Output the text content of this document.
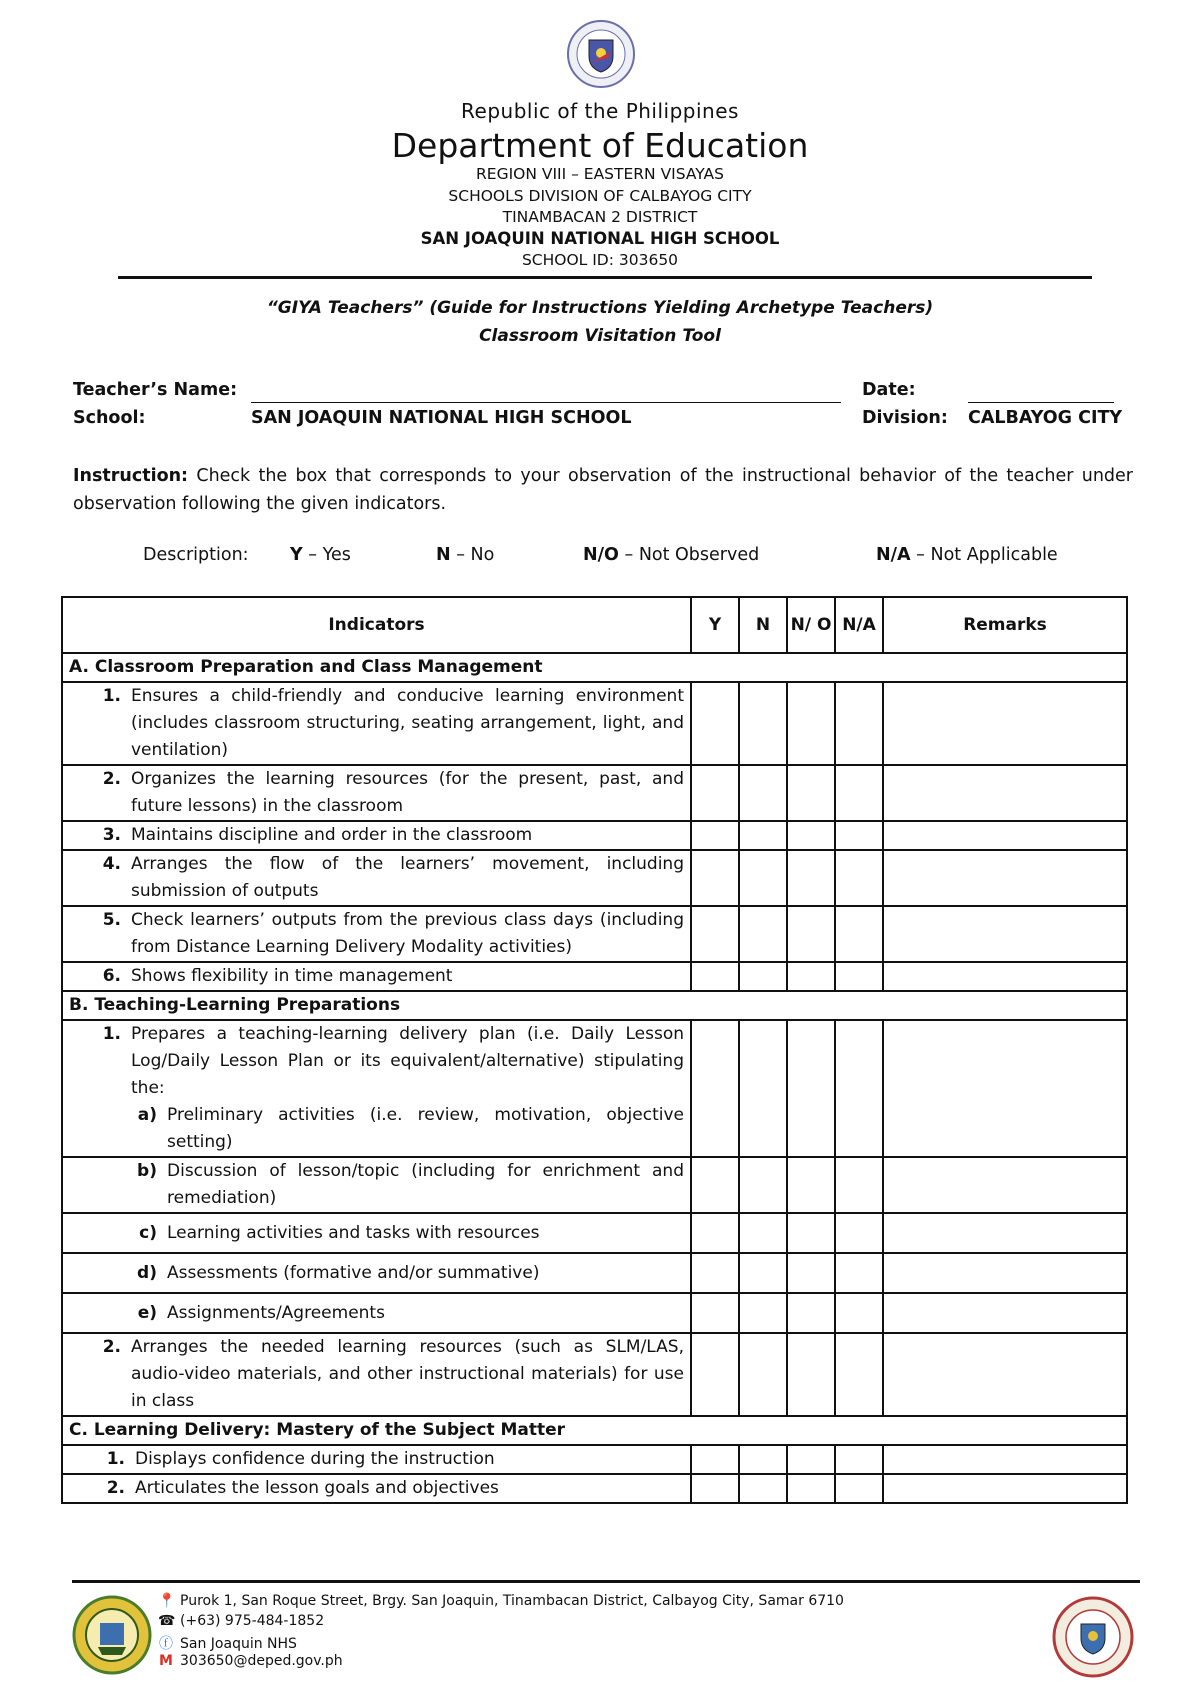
Republic of the Philippines
Department of Education
REGION VIII – EASTERN VISAYAS
SCHOOLS DIVISION OF CALBAYOG CITY
TINAMBACAN 2 DISTRICT
SAN JOAQUIN NATIONAL HIGH SCHOOL
SCHOOL ID: 303650
“GIYA Teachers” (Guide for Instructions Yielding Archetype Teachers)
Classroom Visitation Tool
Teacher’s Name:	Date:
School:	SAN JOAQUIN NATIONAL HIGH SCHOOL	Division: CALBAYOG CITY
Instruction: Check the box that corresponds to your observation of the instructional behavior of the teacher under observation following the given indicators.
Description: Y – Yes	N – No	N/O – Not Observed	N/A – Not Applicable
Indicators	Y	N	N/ O	N/A	Remarks
A. Classroom Preparation and Class Management					

1. Ensures a child-friendly and conducive learning environment (includes classroom structuring, seating arrangement, light, and ventilation)					

2. Organizes the learning resources (for the present, past, and future lessons) in the classroom					

3. Maintains discipline and order in the classroom					

4. Arranges the flow of the learners’ movement, including submission of outputs					

5. Check learners’ outputs from the previous class days (including from Distance Learning Delivery Modality activities)					

6. Shows flexibility in time management					

B. Teaching-Learning Preparations					

1. Prepares a teaching-learning delivery plan (i.e. Daily Lesson Log/Daily Lesson Plan or its equivalent/alternative) stipulating the:
a) Preliminary activities (i.e. review, motivation, objective setting)					

b) Discussion of lesson/topic (including for enrichment and remediation)					

c) Learning activities and tasks with resources					

d) Assessments (formative and/or summative)					

e) Assignments/Agreements					

2. Arranges the needed learning resources (such as SLM/LAS, audio-video materials, and other instructional materials) for use in class					

C. Learning Delivery: Mastery of the Subject Matter					

1. Displays confidence during the instruction					

2. Articulates the lesson goals and objectives					

📍 Purok 1, San Roque Street, Brgy. San Joaquin, Tinambacan District, Calbayog City, Samar 6710
☎ (+63) 975-484-1852
ⓕ San Joaquin NHS
M 303650@deped.gov.ph
